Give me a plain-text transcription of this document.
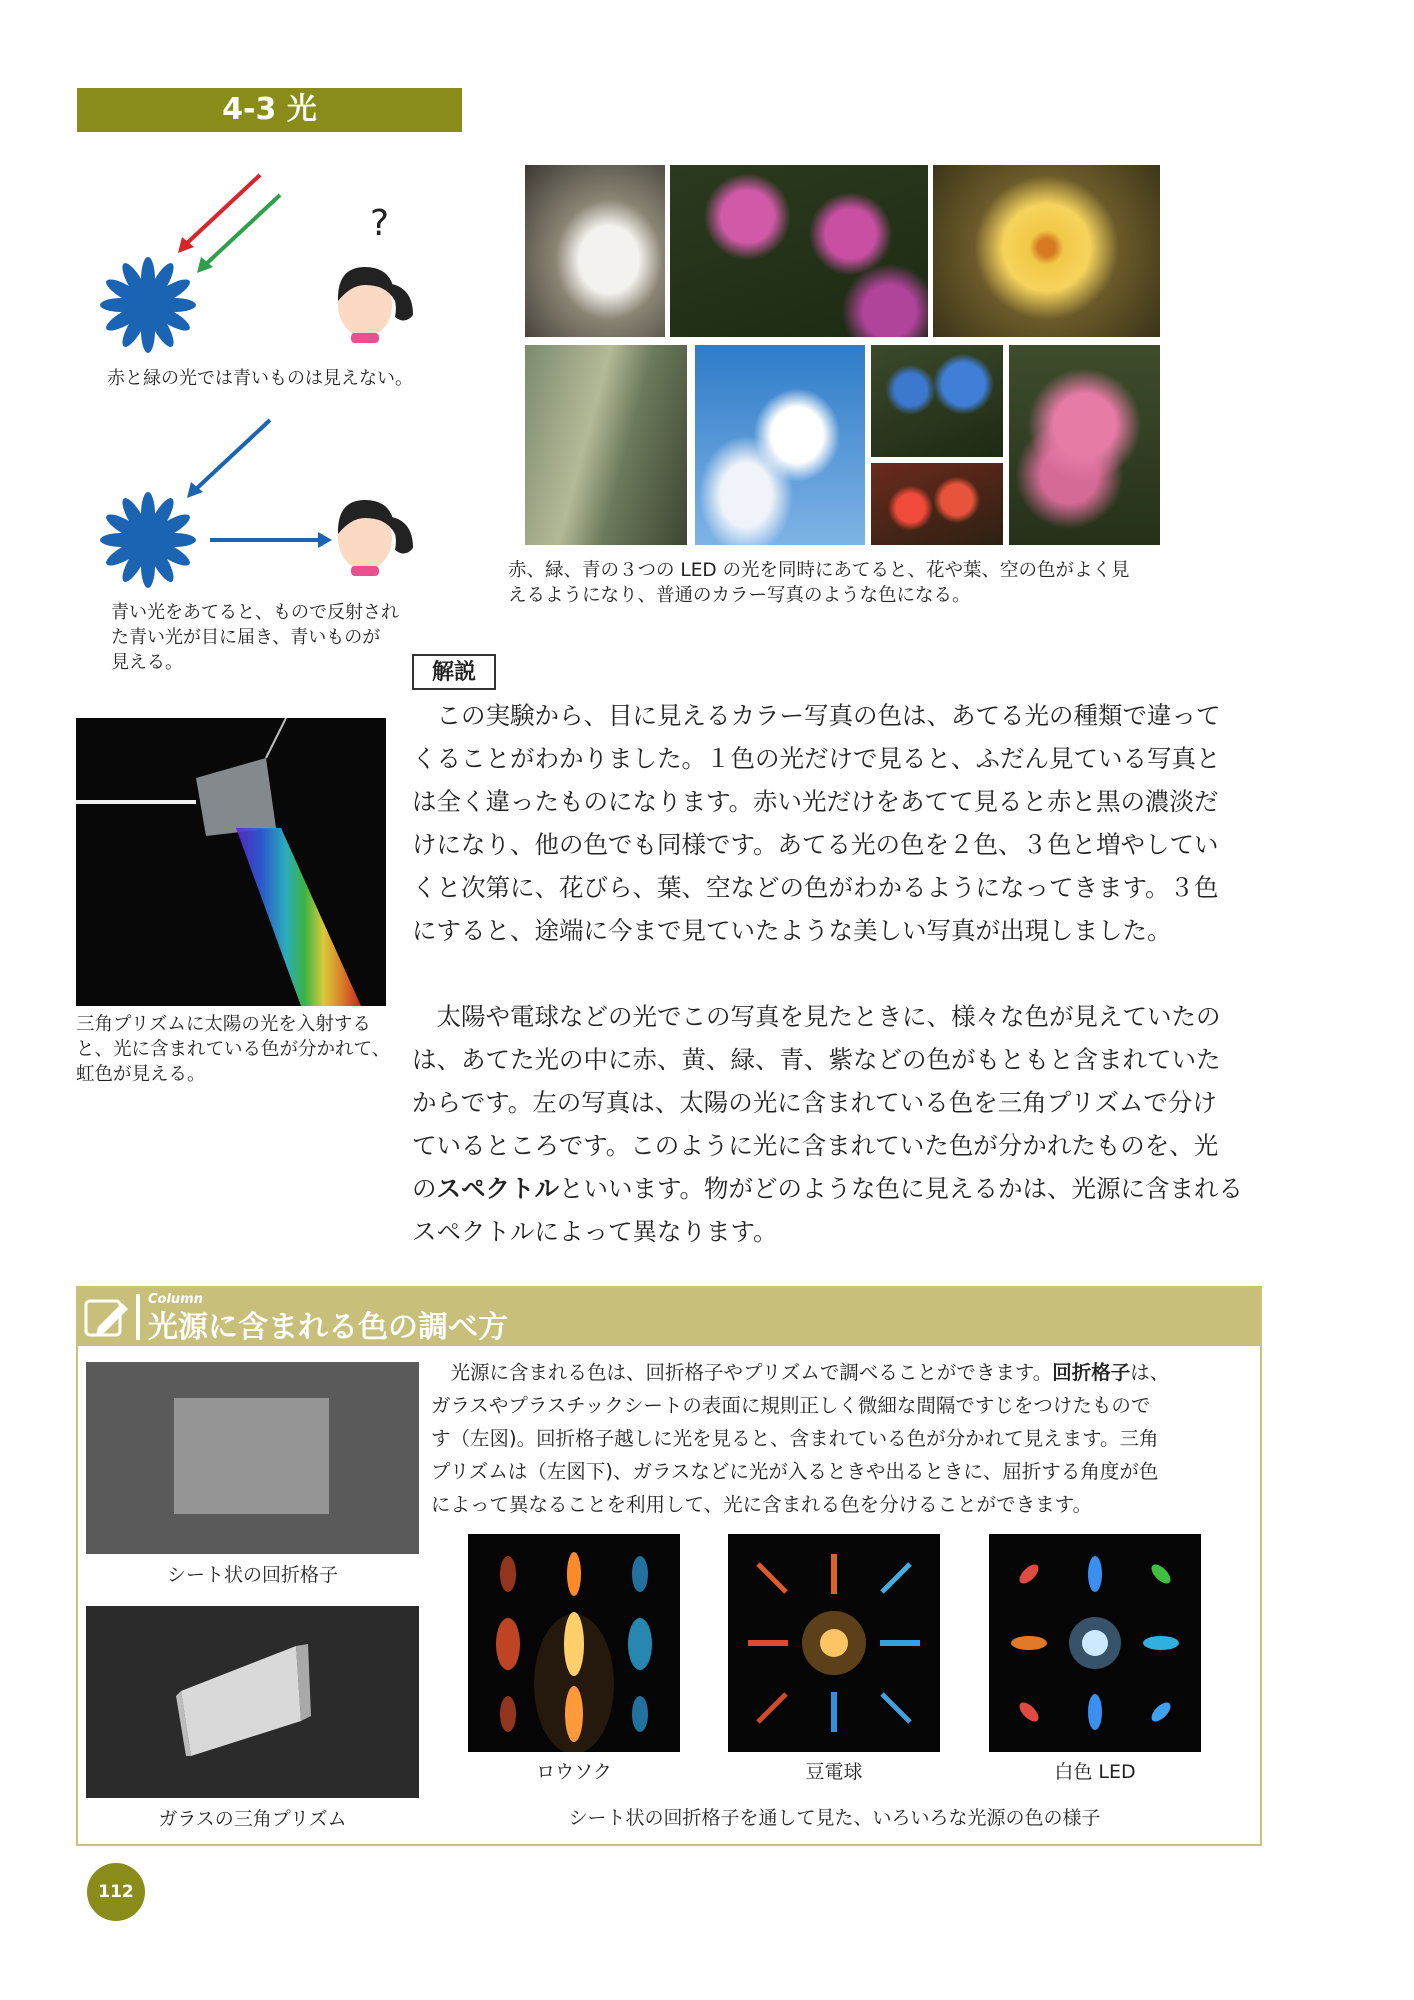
4-3 光
?
赤と緑の光では青いものは見えない。
青い光をあてると、もので反射され
た青い光が目に届き、青いものが
見える。
赤、緑、青の３つの LED の光を同時にあてると、花や葉、空の色がよく見
えるようになり、普通のカラー写真のような色になる。
三角プリズムに太陽の光を入射する
と、光に含まれている色が分かれて、
虹色が見える。
解説
　この実験から、目に見えるカラー写真の色は、あてる光の種類で違って
くることがわかりました。１色の光だけで見ると、ふだん見ている写真と
は全く違ったものになります。赤い光だけをあてて見ると赤と黒の濃淡だ
けになり、他の色でも同様です。あてる光の色を２色、３色と増やしてい
くと次第に、花びら、葉、空などの色がわかるようになってきます。３色
にすると、途端に今まで見ていたような美しい写真が出現しました。
　太陽や電球などの光でこの写真を見たときに、様々な色が見えていたの
は、あてた光の中に赤、黄、緑、青、紫などの色がもともと含まれていた
からです。左の写真は、太陽の光に含まれている色を三角プリズムで分け
ているところです。このように光に含まれていた色が分かれたものを、光
のスペクトルといいます。物がどのような色に見えるかは、光源に含まれる
スペクトルによって異なります。
Column
光源に含まれる色の調べ方
シート状の回折格子
ガラスの三角プリズム
　光源に含まれる色は、回折格子やプリズムで調べることができます。回折格子は、
ガラスやプラスチックシートの表面に規則正しく微細な間隔ですじをつけたもので
す（左図)。回折格子越しに光を見ると、含まれている色が分かれて見えます。三角
プリズムは（左図下)、ガラスなどに光が入るときや出るときに、屈折する角度が色
によって異なることを利用して、光に含まれる色を分けることができます。
ロウソク	豆電球	白色 LED
シート状の回折格子を通して見た、いろいろな光源の色の様子
112
